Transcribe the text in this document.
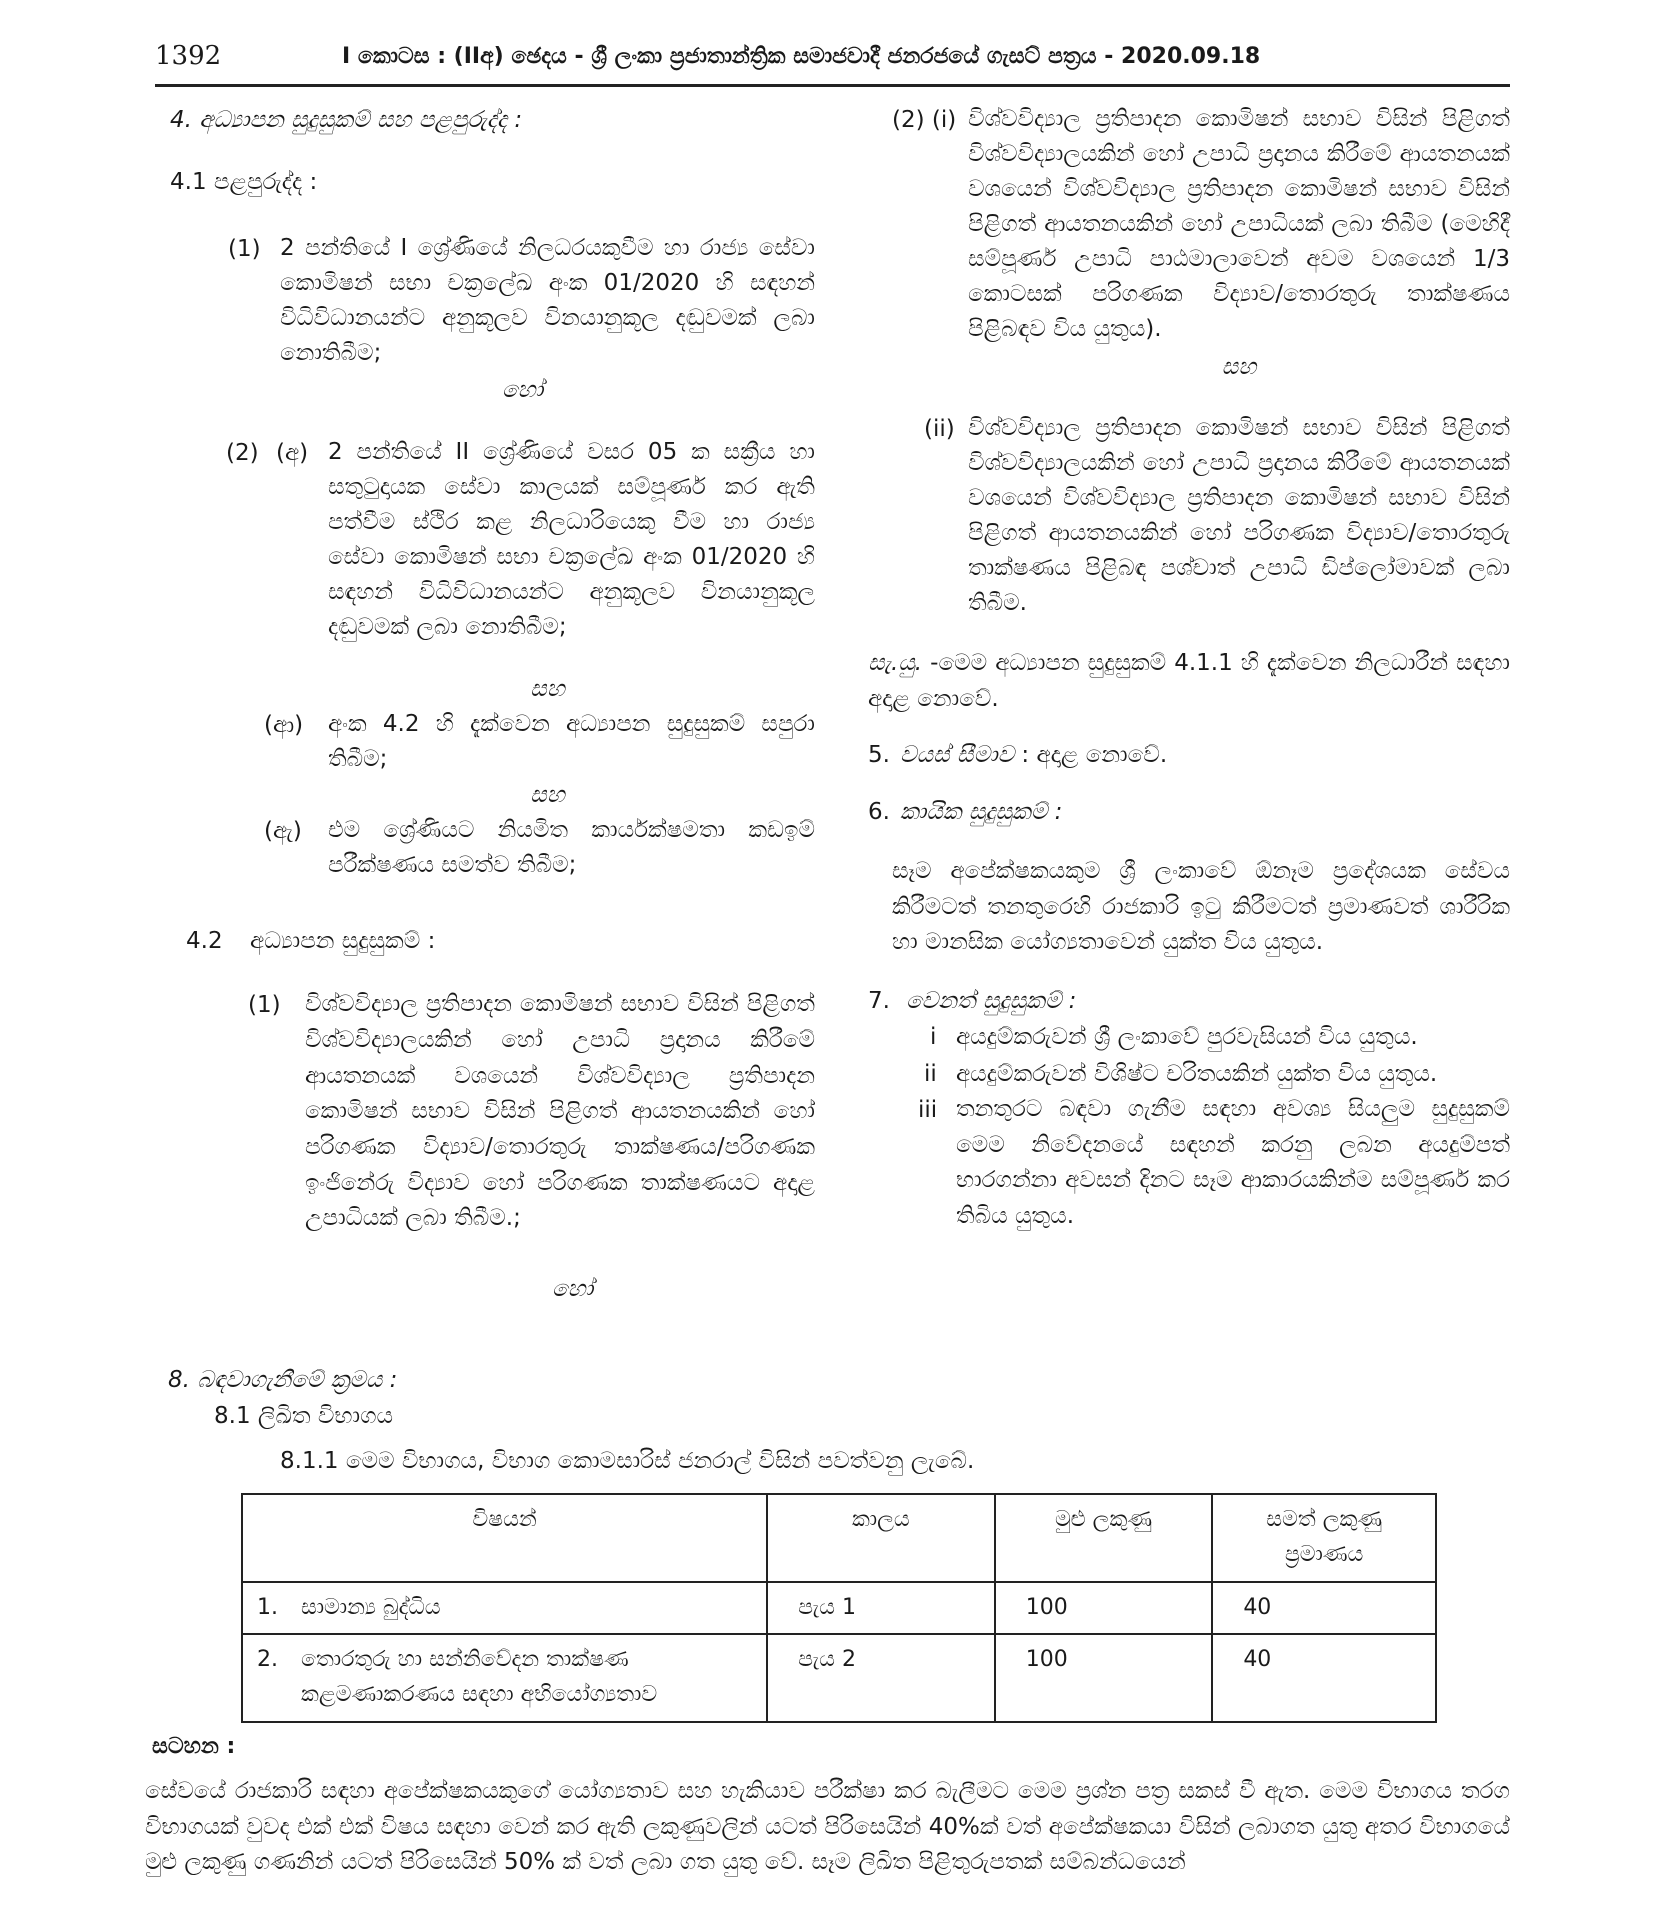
1392	I කොටස : (IIඅ) ඡෙදය - ශ්‍රී ලංකා ප්‍රජාතාන්ත්‍රික සමාජවාදී ජනරජයේ ගැසට් පත්‍රය - 2020.09.18

4. අධ්‍යාපන සුදුසුකම් සහ පළපුරුද්ද :

4.1 පළපුරුද්ද :

(1) 2 පන්තියේ I ශ්‍රේණියේ නිලධරයකුවීම හා රාජ්‍ය සේවා කොමිෂන් සභා චක්‍රලේඛ අංක 01/2020 හි සඳහන් විධිවිධානයන්ට අනුකූලව විනයානුකූල දඬුවමක් ලබා නොතිබීම;

හෝ

(2) (අ) 2 පන්තියේ II ශ්‍රේණියේ වසර 05 ක සක්‍රීය හා සතුටුදායක සේවා කාලයක් සම්පූර්ණ කර ඇති පත්වීම ස්ථිර කළ නිලධාරියෙකු වීම හා රාජ්‍ය සේවා කොමිෂන් සභා චක්‍රලේඛ අංක 01/2020 හි සඳහන් විධිවිධානයන්ට අනුකූලව විනයානුකූල දඬුවමක් ලබා නොතිබීම;

සහ

(ආ) අංක 4.2 හි දැක්වෙන අධ්‍යාපන සුදුසුකම් සපුරා තිබීම;

සහ

(ඇ) එම ශ්‍රේණියට නියමිත කාර්යක්ෂමතා කඩඉම් පරීක්ෂණය සමත්ව තිබීම;

4.2 අධ්‍යාපන සුදුසුකම් :

(1) විශ්වවිද්‍යාල ප්‍රතිපාදන කොමිෂන් සභාව විසින් පිළිගත් විශ්වවිද්‍යාලයකින් හෝ උපාධි ප්‍රදානය කිරීමේ ආයතනයක් වශයෙන් විශ්වවිද්‍යාල ප්‍රතිපාදන කොමිෂන් සභාව විසින් පිළිගත් ආයතනයකින් හෝ පරිගණක විද්‍යාව/තොරතුරු තාක්ෂණය/පරිගණක ඉංජිනේරු විද්‍යාව හෝ පරිගණක තාක්ෂණයට අදාළ උපාධියක් ලබා තිබීම.;

හෝ

(2) (i) විශ්වවිද්‍යාල ප්‍රතිපාදන කොමිෂන් සභාව විසින් පිළිගත් විශ්වවිද්‍යාලයකින් හෝ උපාධි ප්‍රදානය කිරීමේ ආයතනයක් වශයෙන් විශ්වවිද්‍යාල ප්‍රතිපාදන කොමිෂන් සභාව විසින් පිළිගත් ආයතනයකින් හෝ උපාධියක් ලබා තිබීම (මෙහිදී සම්පූර්ණ උපාධි පාඨමාලාවෙන් අවම වශයෙන් 1/3 කොටසක් පරිගණක විද්‍යාව/තොරතුරු තාක්ෂණය පිළිබඳව විය යුතුය).

සහ

(ii) විශ්වවිද්‍යාල ප්‍රතිපාදන කොමිෂන් සභාව විසින් පිළිගත් විශ්වවිද්‍යාලයකින් හෝ උපාධි ප්‍රදානය කිරීමේ ආයතනයක් වශයෙන් විශ්වවිද්‍යාල ප්‍රතිපාදන කොමිෂන් සභාව විසින් පිළිගත් ආයතනයකින් හෝ පරිගණක විද්‍යාව/තොරතුරු තාක්ෂණය පිළිබඳ පශ්චාත් උපාධි ඩිප්ලෝමාවක් ලබා තිබීම.

සැ.යු. -මෙම අධ්‍යාපන සුදුසුකම් 4.1.1 හි දැක්වෙන නිලධාරීන් සඳහා අදාළ නොවේ.

5. වයස් සීමාව : අදාළ නොවේ.

6. කායික සුදුසුකම් :

සෑම අපේක්ෂකයකුම ශ්‍රී ලංකාවේ ඕනෑම ප්‍රදේශයක සේවය කිරීමටත් තනතුරෙහි රාජකාරි ඉටු කිරීමටත් ප්‍රමාණවත් ශාරීරික හා මානසික යෝග්‍යතාවෙන් යුක්ත විය යුතුය.

7. වෙනත් සුදුසුකම් :

i අයදුම්කරුවන් ශ්‍රී ලංකාවේ පුරවැසියන් විය යුතුය.

ii අයදුම්කරුවන් විශිෂ්ට චරිතයකින් යුක්ත විය යුතුය.

iii තනතුරට බඳවා ගැනීම සඳහා අවශ්‍ය සියලුම සුදුසුකම් මෙම නිවේදනයේ සඳහන් කරනු ලබන අයදුම්පත් භාරගන්නා අවසන් දිනට සෑම ආකාරයකින්ම සම්පූර්ණ කර තිබිය යුතුය.

8. බඳවාගැනීමේ ක්‍රමය :

8.1 ලිඛිත විභාගය

8.1.1 මෙම විභාගය, විභාග කොමසාරිස් ජනරාල් විසින් පවත්වනු ලැබේ.

විෂයන්	කාලය	මුළු ලකුණු	සමත් ලකුණු ප්‍රමාණය

1. සාමාන්‍ය බුද්ධිය	පැය 1	100	40

2. තොරතුරු හා සන්නිවේදන තාක්ෂණ කළමණාකරණය සඳහා අභියෝග්‍යතාව	පැය 2	100	40
සටහන :

සේවයේ රාජකාරි සඳහා අපේක්ෂකයකුගේ යෝග්‍යතාව සහ හැකියාව පරීක්ෂා කර බැලීමට මෙම ප්‍රශ්න පත්‍ර සකස් වී ඇත. මෙම විභාගය තරග විභාගයක් වුවද එක් එක් විෂය සඳහා වෙන් කර ඇති ලකුණුවලින් යටත් පිරිසෙයින් 40%ක් වත් අපේක්ෂකයා විසින් ලබාගත යුතු අතර විභාගයේ මුළු ලකුණු ගණනින් යටත් පිරිසෙයින් 50% ක් වත් ලබා ගත යුතු වේ. සෑම ලිඛිත පිළිතුරුපතක් සම්බන්ධයෙන්
